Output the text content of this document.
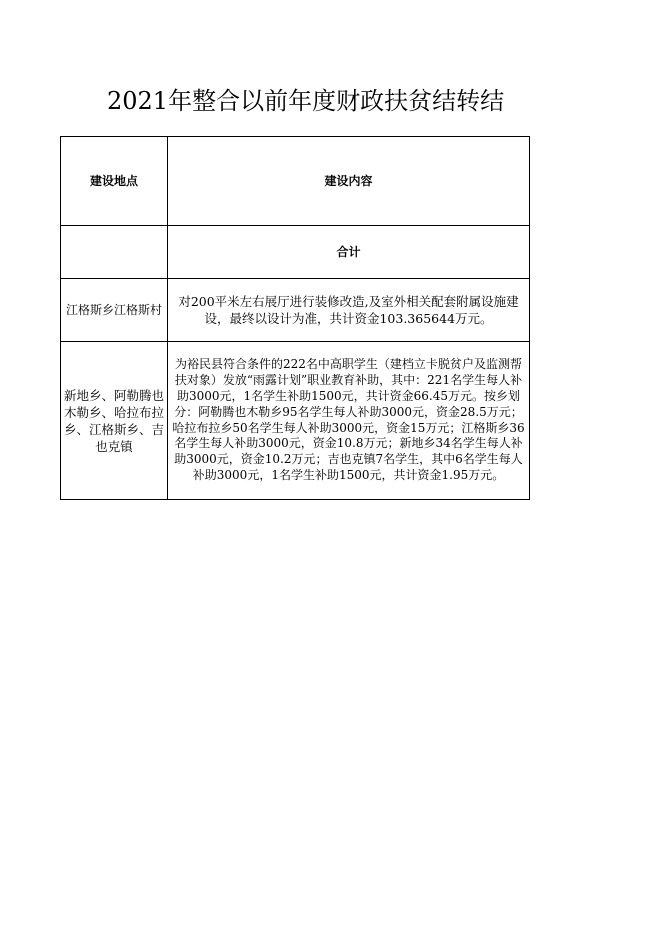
2021年整合以前年度财政扶贫结转结
建设地点	建设内容
	合计
江格斯乡江格斯村	对200平米左右展厅进行装修改造,及室外相关配套附属设施建设，最终以设计为准，共计资金103.365644万元。
新地乡、阿勒腾也木勒乡、哈拉布拉乡、江格斯乡、吉也克镇	为裕民县符合条件的222名中高职学生（建档立卡脱贫户及监测帮扶对象）发放“雨露计划”职业教育补助，其中：221名学生每人补助3000元，1名学生补助1500元，共计资金66.45万元。按乡划分：阿勒腾也木勒乡95名学生每人补助3000元，资金28.5万元；哈拉布拉乡50名学生每人补助3000元，资金15万元；江格斯乡36名学生每人补助3000元，资金10.8万元；新地乡34名学生每人补助3000元，资金10.2万元；吉也克镇7名学生，其中6名学生每人补助3000元，1名学生补助1500元，共计资金1.95万元。
